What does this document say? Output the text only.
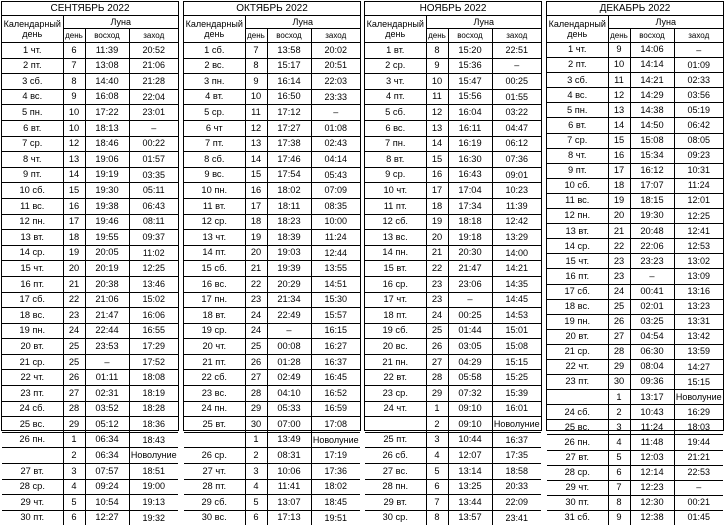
СЕНТЯБРЬ 2022			
Календарный день	Луна		
	день	восход	заход
1 чт.	6	11:39	20:52
2 пт.	7	13:08	21:06
3 сб.	8	14:40	21:28
4 вс.	9	16:08	22:04
5 пн.	10	17:22	23:01
6 вт.	10	18:13	–
7 ср.	12	18:46	00:22
8 чт.	13	19:06	01:57
9 пт.	14	19:19	03:35
10 сб.	15	19:30	05:11
11 вс.	16	19:38	06:43
12 пн.	17	19:46	08:11
13 вт.	18	19:55	09:37
14 ср.	19	20:05	11:02
15 чт.	20	20:19	12:25
16 пт.	21	20:38	13:46
17 сб.	22	21:06	15:02
18 вс.	23	21:47	16:06
19 пн.	24	22:44	16:55
20 вт.	25	23:53	17:29
21 ср.	25	–	17:52
22 чт.	26	01:11	18:08
23 пт.	27	02:31	18:19
24 сб.	28	03:52	18:28
25 вс.	29	05:12	18:36
26 пн.	1	06:34	18:43
	2	06:34	Новолуние
27 вт.	3	07:57	18:51
28 ср.	4	09:24	19:00
29 чт.	5	10:54	19:13
30 пт.	6	12:27	19:32
ОКТЯБРЬ 2022			
Календарный день	Луна		
	день	восход	заход
1 сб.	7	13:58	20:02
2 вс.	8	15:17	20:51
3 пн.	9	16:14	22:03
4 вт.	10	16:50	23:33
5 ср.	11	17:12	–
6 чт	12	17:27	01:08
7 пт.	13	17:38	02:43
8 сб.	14	17:46	04:14
9 вс.	15	17:54	05:43
10 пн.	16	18:02	07:09
11 вт.	17	18:11	08:35
12 ср.	18	18:23	10:00
13 чт.	19	18:39	11:24
14 пт.	20	19:03	12:44
15 сб.	21	19:39	13:55
16 вс.	22	20:29	14:51
17 пн.	23	21:34	15:30
18 вт.	24	22:49	15:57
19 ср.	24	–	16:15
20 чт.	25	00:08	16:27
21 пт.	26	01:28	16:37
22 сб.	27	02:49	16:45
23 вс.	28	04:10	16:52
24 пн.	29	05:33	16:59
25 вт.	30	07:00	17:08
	1	13:49	Новолуние
26 ср.	2	08:31	17:19
27 чт.	3	10:06	17:36
28 пт.	4	11:41	18:02
29 сб.	5	13:07	18:45
30 вс.	6	17:13	19:51
НОЯБРЬ 2022			
Календарный день	Луна		
	день	восход	заход
1 вт.	8	15:20	22:51
2 ср.	9	15:36	–
3 чт.	10	15:47	00:25
4 пт.	11	15:56	01:55
5 сб.	12	16:04	03:22
6 вс.	13	16:11	04:47
7 пн.	14	16:19	06:12
8 вт.	15	16:30	07:36
9 ср.	16	16:43	09:01
10 чт.	17	17:04	10:23
11 пт.	18	17:34	11:39
12 сб.	19	18:18	12:42
13 вс.	20	19:18	13:29
14 пн.	21	20:30	14:00
15 вт.	22	21:47	14:21
16 ср.	23	23:06	14:35
17 чт.	23	–	14:45
18 пт.	24	00:25	14:53
19 сб.	25	01:44	15:01
20 вс.	26	03:05	15:08
21 пн.	27	04:29	15:15
22 вт.	28	05:58	15:25
23 ср.	29	07:32	15:39
24 чт.	1	09:10	16:01
	2	09:10	Новолуние
25 пт.	3	10:44	16:37
26 сб.	4	12:07	17:35
27 вс.	5	13:14	18:58
28 пн.	6	13:25	20:33
29 вт.	7	13:44	22:09
30 ср.	8	13:57	23:41
ДЕКАБРЬ 2022			
Календарный день	Луна		
	день	восход	заход
1 чт.	9	14:06	–
2 пт.	10	14:14	01:09
3 сб.	11	14:21	02:33
4 вс.	12	14:29	03:56
5 пн.	13	14:38	05:19
6 вт.	14	14:50	06:42
7 ср.	15	15:08	08:05
8 чт.	16	15:34	09:23
9 пт.	17	16:12	10:31
10 сб.	18	17:07	11:24
11 вс.	19	18:15	12:01
12 пн.	20	19:30	12:25
13 вт.	21	20:48	12:41
14 ср.	22	22:06	12:53
15 чт.	23	23:23	13:02
16 пт.	23	–	13:09
17 сб.	24	00:41	13:16
18 вс.	25	02:01	13:23
19 пн.	26	03:25	13:31
20 вт.	27	04:54	13:42
21 ср.	28	06:30	13:59
22 чт.	29	08:04	14:27
23 пт.	30	09:36	15:15
	1	13:17	Новолуние
24 сб.	2	10:43	16:29
25 вс.	3	11:24	18:03
26 пн.	4	11:48	19:44
27 вт.	5	12:03	21:21
28 ср.	6	12:14	22:53
29 чт.	7	12:23	–
30 пт.	8	12:30	00:21
31 сб.	9	12:38	01:45
